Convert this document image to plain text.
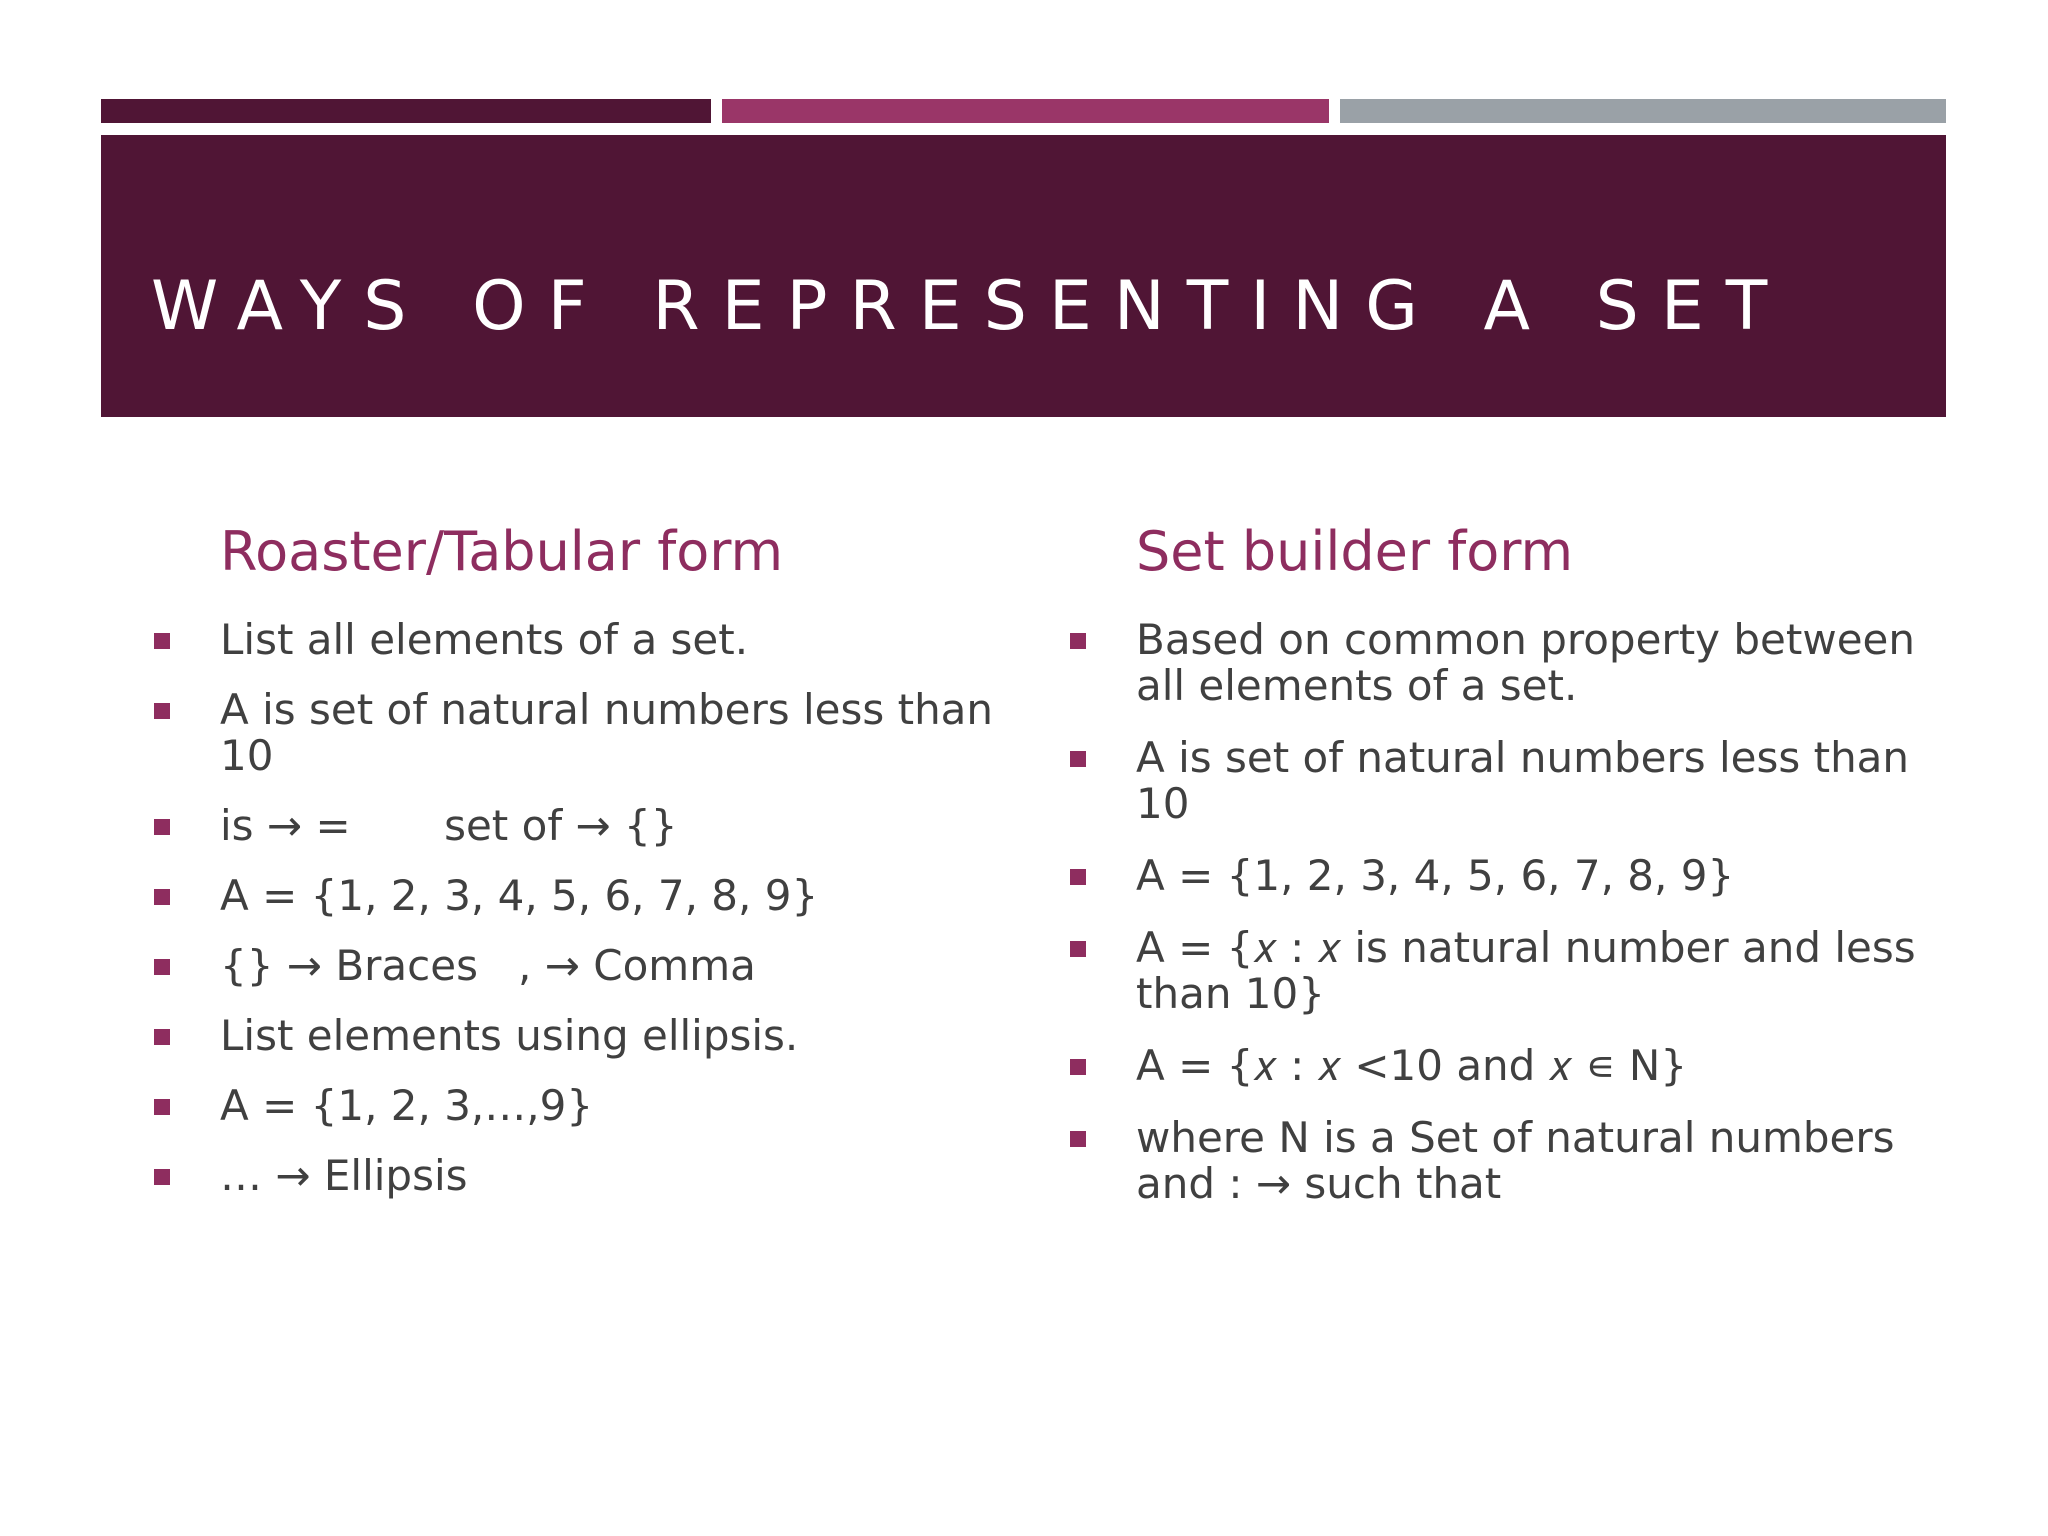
WAYS OF REPRESENTING A SET
Roaster/Tabular form
List all elements of a set.
A is set of natural numbers less than 10
is → =       set of → {}
A = {1, 2, 3, 4, 5, 6, 7, 8, 9}
{} → Braces   , → Comma
List elements using ellipsis.
A = {1, 2, 3,…,9}
… → Ellipsis
Set builder form
Based on common property between all elements of a set.
A is set of natural numbers less than 10
A = {1, 2, 3, 4, 5, 6, 7, 8, 9}
A = {𝑥 : 𝑥 is natural number and less than 10}
A = {𝑥 : 𝑥 <10 and 𝑥 ∊ N}
where N is a Set of natural numbers and : → such that
